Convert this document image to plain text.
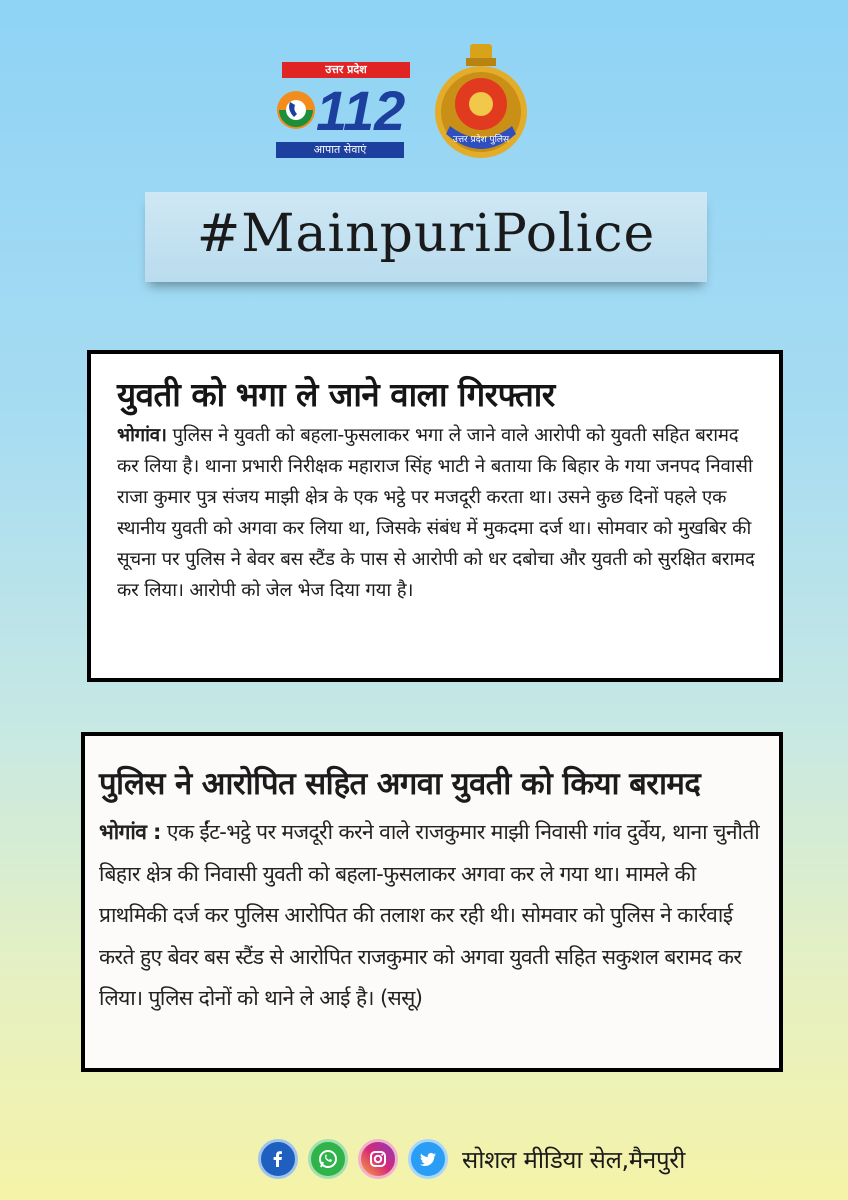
उत्तर प्रदेश
112
आपात सेवाएं
उत्तर प्रदेश पुलिस
#MainpuriPolice

युवती को भगा ले जाने वाला गिरफ्तार

भोगांव। पुलिस ने युवती को बहला-फुसलाकर भगा ले जाने वाले आरोपी को युवती सहित बरामद कर लिया है। थाना प्रभारी निरीक्षक महाराज सिंह भाटी ने बताया कि बिहार के गया जनपद निवासी राजा कुमार पुत्र संजय माझी क्षेत्र के एक भट्ठे पर मजदूरी करता था। उसने कुछ दिनों पहले एक स्थानीय युवती को अगवा कर लिया था, जिसके संबंध में मुकदमा दर्ज था। सोमवार को मुखबिर की सूचना पर पुलिस ने बेवर बस स्टैंड के पास से आरोपी को धर दबोचा और युवती को सुरक्षित बरामद कर लिया। आरोपी को जेल भेज दिया गया है।

पुलिस ने आरोपित सहित अगवा युवती को किया बरामद

भोगांव : एक ईंट-भट्ठे पर मजदूरी करने वाले राजकुमार माझी निवासी गांव दुर्वेय, थाना चुनौती बिहार क्षेत्र की निवासी युवती को बहला-फुसलाकर अगवा कर ले गया था। मामले की प्राथमिकी दर्ज कर पुलिस आरोपित की तलाश कर रही थी। सोमवार को पुलिस ने कार्रवाई करते हुए बेवर बस स्टैंड से आरोपित राजकुमार को अगवा युवती सहित सकुशल बरामद कर लिया। पुलिस दोनों को थाने ले आई है। (ससू)

सोशल मीडिया सेल,मैनपुरी
